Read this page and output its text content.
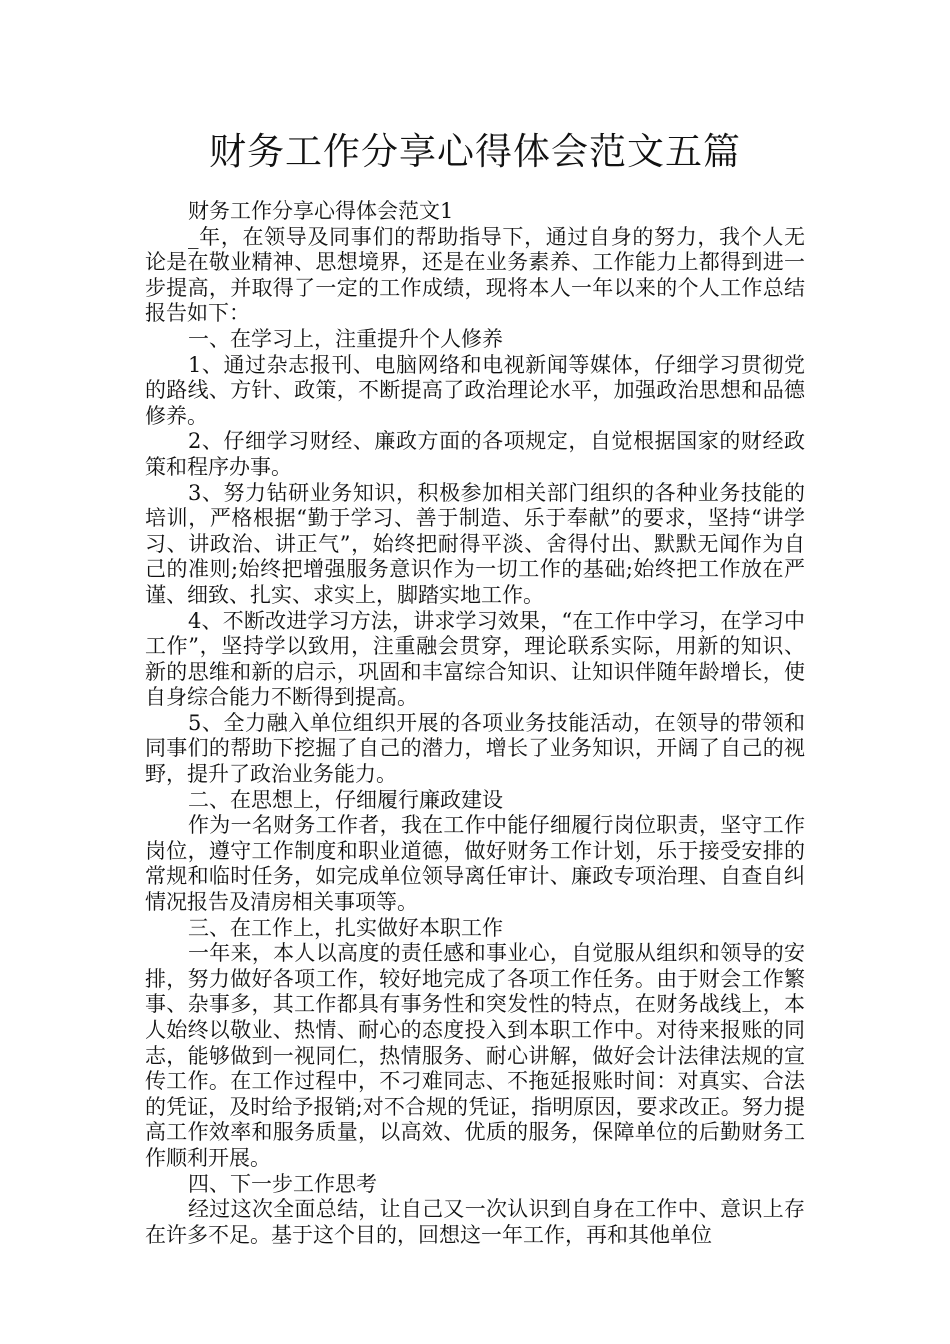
财务工作分享心得体会范文五篇

财务工作分享心得体会范文1

_年，在领导及同事们的帮助指导下，通过自身的努力，我个人无论是在敬业精神、思想境界，还是在业务素养、工作能力上都得到进一步提高，并取得了一定的工作成绩，现将本人一年以来的个人工作总结报告如下：

一、在学习上，注重提升个人修养

1、通过杂志报刊、电脑网络和电视新闻等媒体，仔细学习贯彻党的路线、方针、政策，不断提高了政治理论水平，加强政治思想和品德修养。

2、仔细学习财经、廉政方面的各项规定，自觉根据国家的财经政策和程序办事。

3、努力钻研业务知识，积极参加相关部门组织的各种业务技能的培训，严格根据“勤于学习、善于制造、乐于奉献”的要求，坚持“讲学习、讲政治、讲正气”，始终把耐得平淡、舍得付出、默默无闻作为自己的准则;始终把增强服务意识作为一切工作的基础;始终把工作放在严谨、细致、扎实、求实上，脚踏实地工作。

4、不断改进学习方法，讲求学习效果，“在工作中学习，在学习中工作”，坚持学以致用，注重融会贯穿，理论联系实际，用新的知识、新的思维和新的启示，巩固和丰富综合知识、让知识伴随年龄增长，使自身综合能力不断得到提高。

5、全力融入单位组织开展的各项业务技能活动，在领导的带领和同事们的帮助下挖掘了自己的潜力，增长了业务知识，开阔了自己的视野，提升了政治业务能力。

二、在思想上，仔细履行廉政建设

作为一名财务工作者，我在工作中能仔细履行岗位职责，坚守工作岗位，遵守工作制度和职业道德，做好财务工作计划，乐于接受安排的常规和临时任务，如完成单位领导离任审计、廉政专项治理、自查自纠情况报告及清房相关事项等。

三、在工作上，扎实做好本职工作

一年来，本人以高度的责任感和事业心，自觉服从组织和领导的安排，努力做好各项工作，较好地完成了各项工作任务。由于财会工作繁事、杂事多，其工作都具有事务性和突发性的特点，在财务战线上，本人始终以敬业、热情、耐心的态度投入到本职工作中。对待来报账的同志，能够做到一视同仁，热情服务、耐心讲解，做好会计法律法规的宣传工作。在工作过程中，不刁难同志、不拖延报账时间：对真实、合法的凭证，及时给予报销;对不合规的凭证，指明原因，要求改正。努力提高工作效率和服务质量，以高效、优质的服务，保障单位的后勤财务工作顺利开展。

四、下一步工作思考

经过这次全面总结，让自己又一次认识到自身在工作中、意识上存在许多不足。基于这个目的，回想这一年工作，再和其他单位
